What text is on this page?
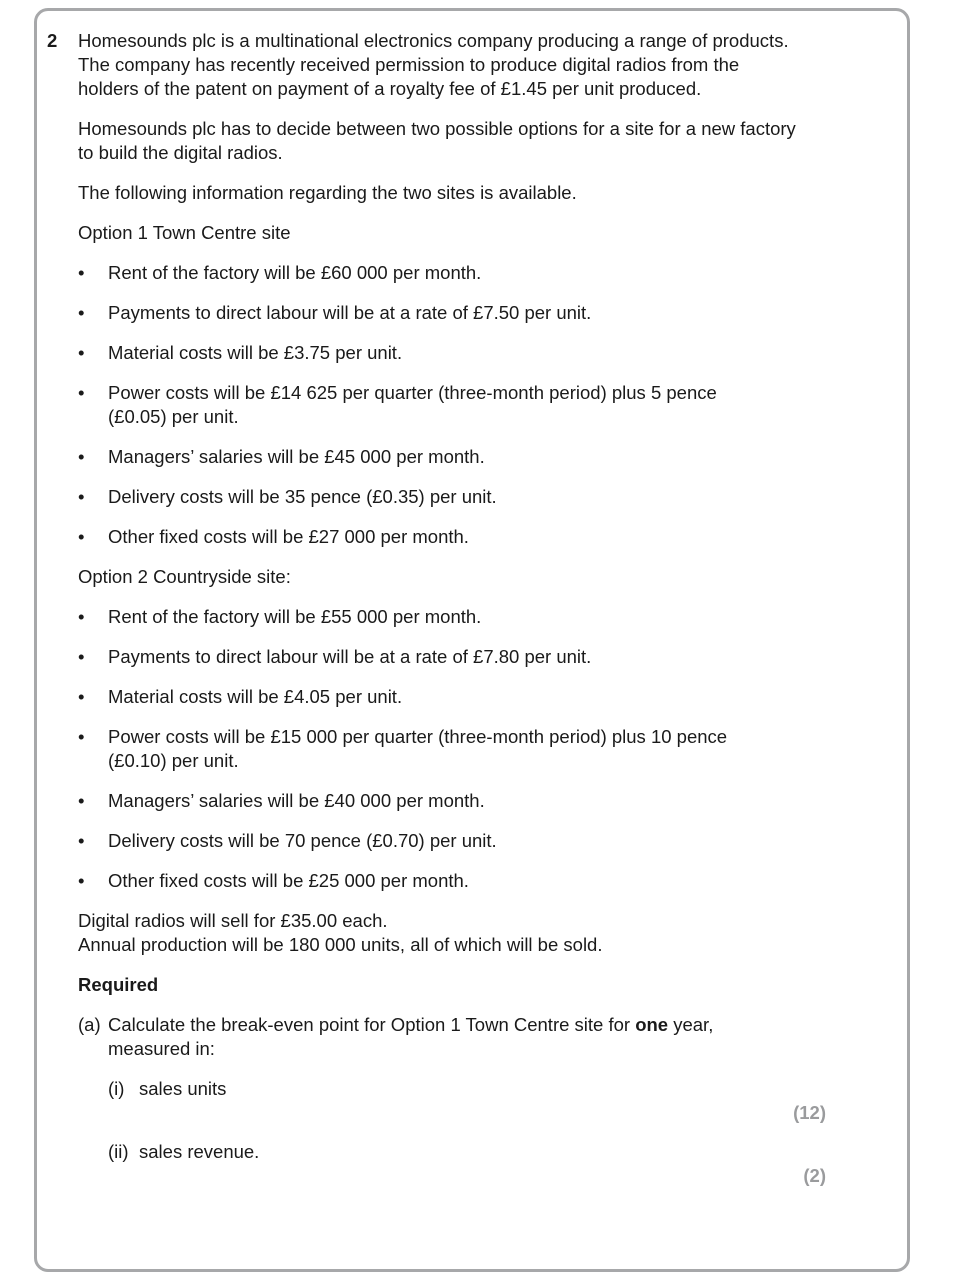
2 Homesounds plc is a multinational electronics company producing a range of products. The company has recently received permission to produce digital radios from the holders of the patent on payment of a royalty fee of £1.45 per unit produced.

Homesounds plc has to decide between two possible options for a site for a new factory to build the digital radios.

The following information regarding the two sites is available.

Option 1 Town Centre site

• Rent of the factory will be £60 000 per month.
• Payments to direct labour will be at a rate of £7.50 per unit.
• Material costs will be £3.75 per unit.
• Power costs will be £14 625 per quarter (three-month period) plus 5 pence (£0.05) per unit.
• Managers’ salaries will be £45 000 per month.
• Delivery costs will be 35 pence (£0.35) per unit.
• Other fixed costs will be £27 000 per month.

Option 2 Countryside site:

• Rent of the factory will be £55 000 per month.
• Payments to direct labour will be at a rate of £7.80 per unit.
• Material costs will be £4.05 per unit.
• Power costs will be £15 000 per quarter (three-month period) plus 10 pence (£0.10) per unit.
• Managers’ salaries will be £40 000 per month.
• Delivery costs will be 70 pence (£0.70) per unit.
• Other fixed costs will be £25 000 per month.

Digital radios will sell for £35.00 each.
Annual production will be 180 000 units, all of which will be sold.

Required

(a) Calculate the break-even point for Option 1 Town Centre site for one year, measured in:

(i) sales units

(12)
(ii) sales revenue.

(2)
